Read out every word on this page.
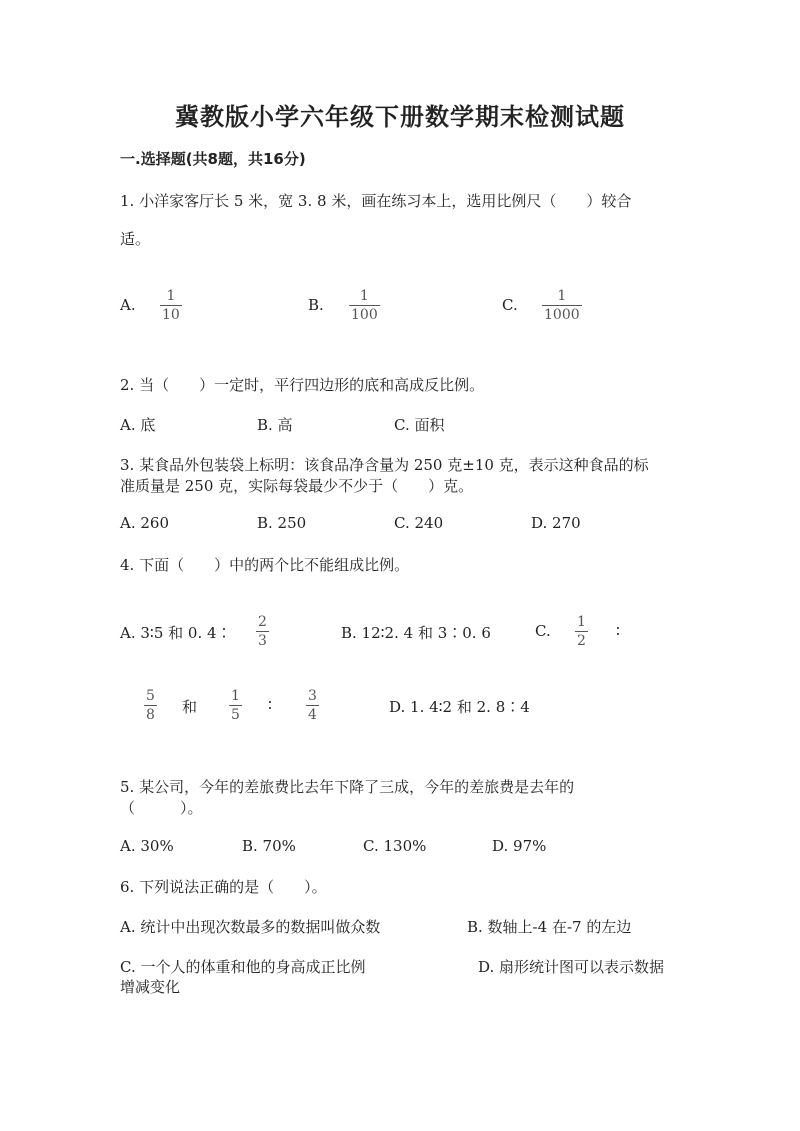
冀教版小学六年级下册数学期末检测试题
一.选择题(共8题，共16分)
1. 小洋家客厅长 5 米，宽 3. 8 米，画在练习本上，选用比例尺（　　）较合
适。
A. 1
10
B.	1
100
C.	1
1000
2. 当（　　）一定时，平行四边形的底和高成反比例。
A. 底	B. 高	C. 面积
3. 某食品外包装袋上标明：该食品净含量为 250 克±10 克，表示这种食品的标
准质量是 250 克，实际每袋最少不少于（　　）克。
A. 260	B. 250	C. 240	D. 270
4. 下面（　　）中的两个比不能组成比例。
A. 3∶5 和 0. 4∶
2
3	B. 12∶2. 4 和 3∶0. 6	C. 1
2
∶
5
8 和
1
5
∶	3
4	D. 1. 4∶2 和 2. 8∶4
5. 某公司，今年的差旅费比去年下降了三成，今年的差旅费是去年的
（　　　）。
A. 30%	B. 70%	C. 130%	D. 97%
6. 下列说法正确的是（　　）。
A. 统计中出现次数最多的数据叫做众数	B. 数轴上-4 在-7 的左边
C. 一个人的体重和他的身高成正比例	D. 扇形统计图可以表示数据
增减变化
